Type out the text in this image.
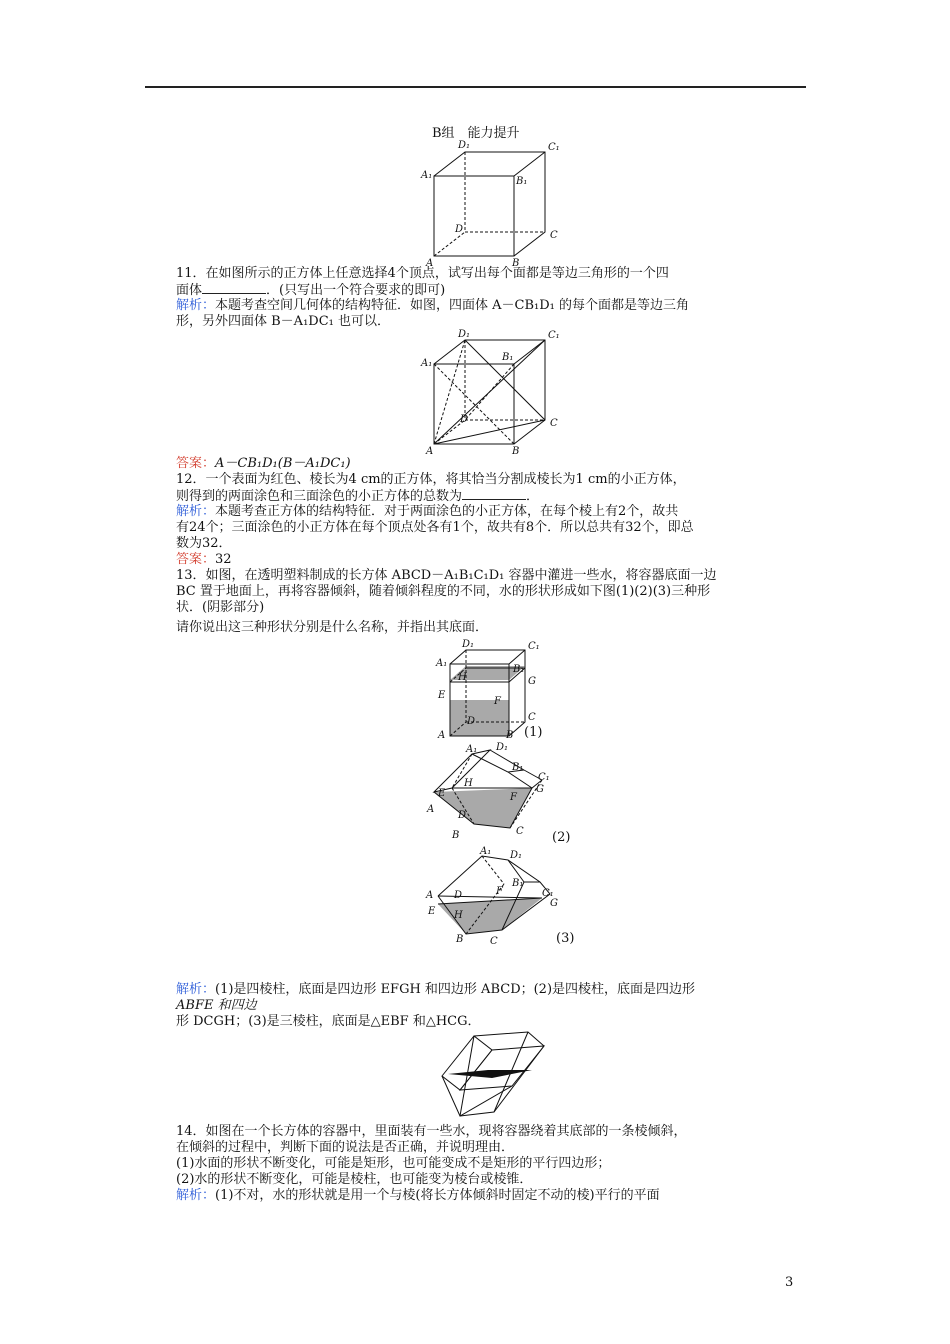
B组　能力提升
D₁	C₁
A₁
B₁
D
C
A	B
11．在如图所示的正方体上任意选择4个顶点，试写出每个面都是等边三角形的一个四
面体	．(只写出一个符合要求的即可)
解析：本题考查空间几何体的结构特征．如图，四面体 A－CB₁D₁ 的每个面都是等边三角
形，另外四面体 B－A₁DC₁ 也可以．
D₁	C₁
A₁
B₁
D	C
A	B
答案：A－CB₁D₁(B－A₁DC₁)
12．一个表面为红色、棱长为4 cm的正方体，将其恰当分割成棱长为1 cm的小正方体，
则得到的两面涂色和三面涂色的小正方体的总数为	．
解析：本题考查正方体的结构特征．对于两面涂色的小正方体，在每个棱上有2个，故共
有24个；三面涂色的小正方体在每个顶点处各有1个，故共有8个．所以总共有32个，即总
数为32．
答案：32
13．如图，在透明塑料制成的长方体 ABCD－A₁B₁C₁D₁ 容器中灌进一些水，将容器底面一边
BC 置于地面上，再将容器倾斜，随着倾斜程度的不同，水的形状形成如下图(1)(2)(3)三种形
状．(阴影部分)
请你说出这三种形状分别是什么名称，并指出其底面．
D₁	C₁
A₁
B₁
H	G
E
F
D	C
A	B (1)
A₁ D₁
B₁
C₁
H
G
E	F
A
D
B	C (2)
A₁ D₁
B₁
C₁
A D	F
G
E H
B	C	(3)
解析：(1)是四棱柱，底面是四边形 EFGH 和四边形 ABCD；(2)是四棱柱，底面是四边形
ABFE 和四边
形 DCGH；(3)是三棱柱，底面是△EBF 和△HCG．
14．如图在一个长方体的容器中，里面装有一些水，现将容器绕着其底部的一条棱倾斜，
在倾斜的过程中，判断下面的说法是否正确，并说明理由．
(1)水面的形状不断变化，可能是矩形，也可能变成不是矩形的平行四边形；
(2)水的形状不断变化，可能是棱柱，也可能变为棱台或棱锥．
解析：(1)不对，水的形状就是用一个与棱(将长方体倾斜时固定不动的棱)平行的平面
3
